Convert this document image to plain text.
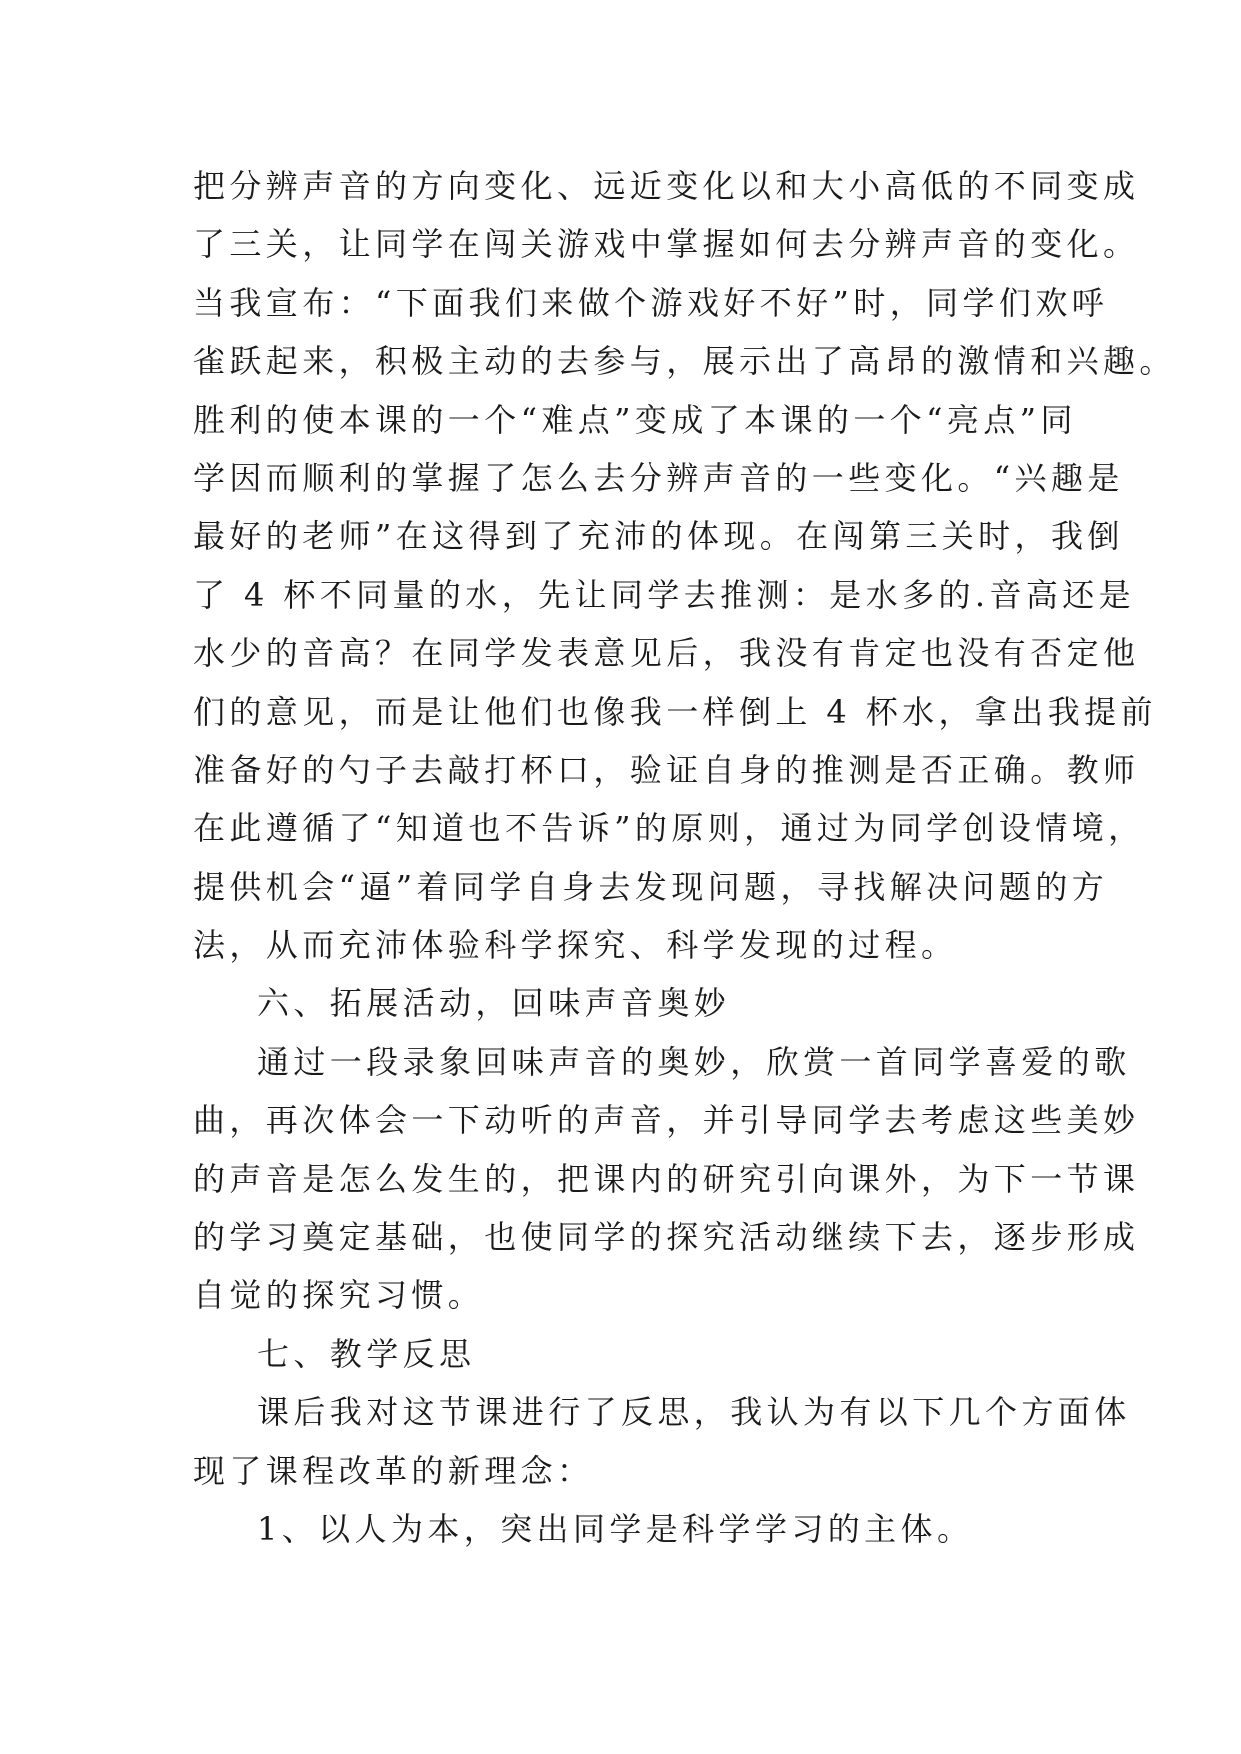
把分辨声音的方向变化、远近变化以和大小高低的不同变成
了三关，让同学在闯关游戏中掌握如何去分辨声音的变化。
当我宣布：“下面我们来做个游戏好不好”时，同学们欢呼
雀跃起来，积极主动的去参与，展示出了高昂的激情和兴趣。
胜利的使本课的一个“难点”变成了本课的一个“亮点”同
学因而顺利的掌握了怎么去分辨声音的一些变化。“兴趣是
最好的老师”在这得到了充沛的体现。在闯第三关时，我倒
了 4 杯不同量的水，先让同学去推测：是水多的.音高还是
水少的音高？在同学发表意见后，我没有肯定也没有否定他
们的意见，而是让他们也像我一样倒上 4 杯水，拿出我提前
准备好的勺子去敲打杯口，验证自身的推测是否正确。教师
在此遵循了“知道也不告诉”的原则，通过为同学创设情境，
提供机会“逼”着同学自身去发现问题，寻找解决问题的方
法，从而充沛体验科学探究、科学发现的过程。
六、拓展活动，回味声音奥妙
通过一段录象回味声音的奥妙，欣赏一首同学喜爱的歌
曲，再次体会一下动听的声音，并引导同学去考虑这些美妙
的声音是怎么发生的，把课内的研究引向课外，为下一节课
的学习奠定基础，也使同学的探究活动继续下去，逐步形成
自觉的探究习惯。
七、教学反思
课后我对这节课进行了反思，我认为有以下几个方面体
现了课程改革的新理念：
1、以人为本，突出同学是科学学习的主体。
